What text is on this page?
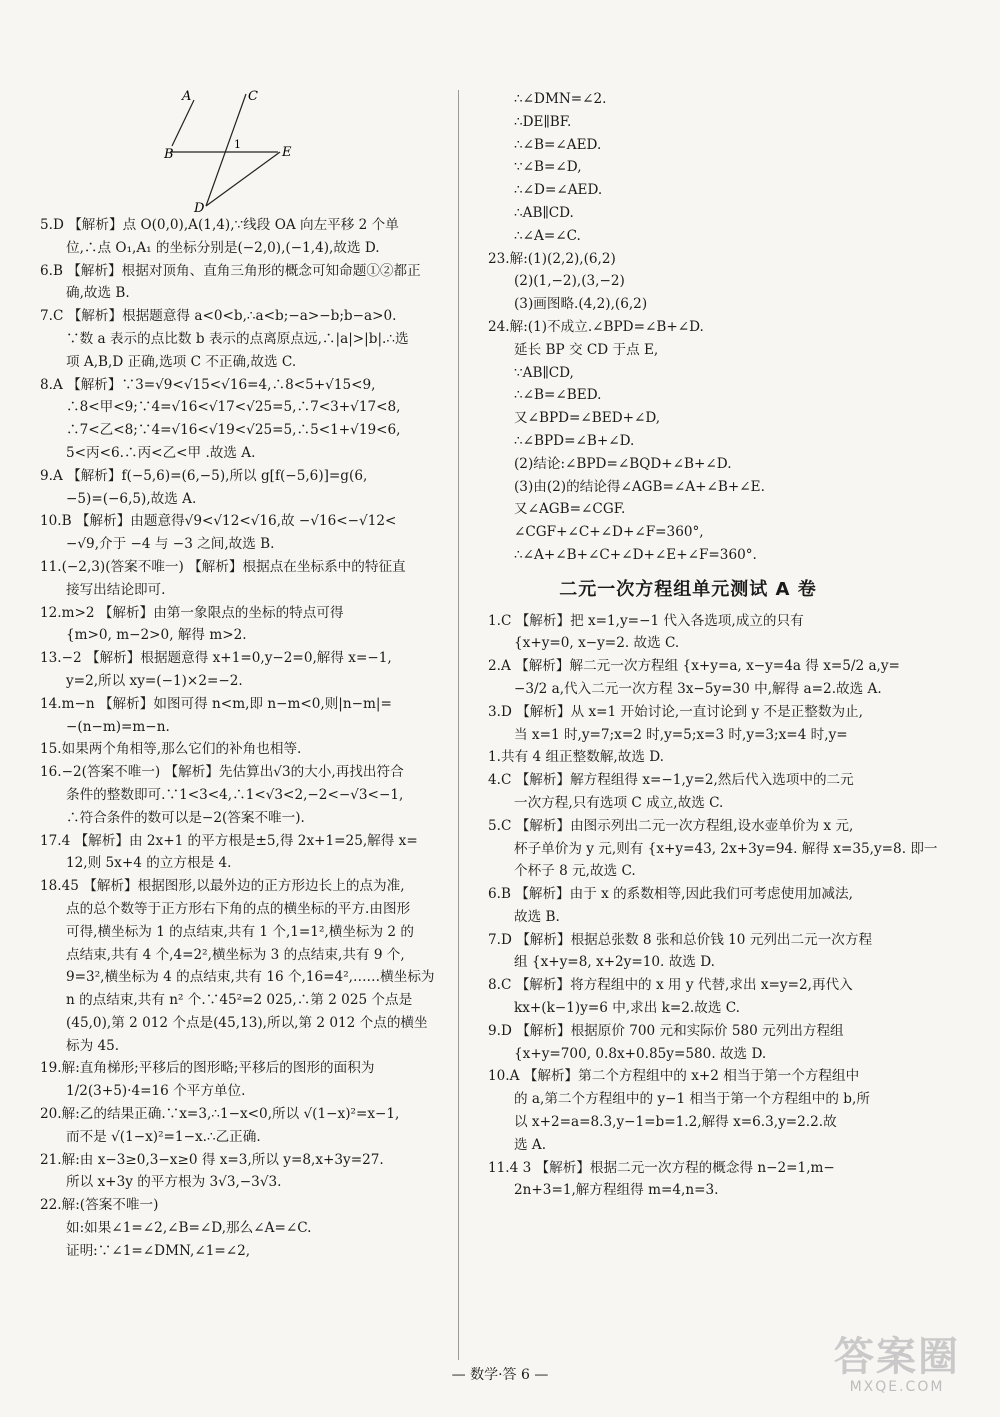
A
B
C
D
E
1
5.D 【解析】点 O(0,0),A(1,4),∵线段 OA 向左平移 2 个单
位,∴点 O₁,A₁ 的坐标分别是(−2,0),(−1,4),故选 D.
6.B 【解析】根据对顶角、直角三角形的概念可知命题①②都正
确,故选 B.
7.C 【解析】根据题意得 a<0<b,∴a<b;−a>−b;b−a>0.
∵数 a 表示的点比数 b 表示的点离原点远,∴|a|>|b|.∴选
项 A,B,D 正确,选项 C 不正确,故选 C.
8.A 【解析】∵3=√9<√15<√16=4,∴8<5+√15<9,
∴8<甲<9;∵4=√16<√17<√25=5,∴7<3+√17<8,
∴7<乙<8;∵4=√16<√19<√25=5,∴5<1+√19<6,
5<丙<6.∴丙<乙<甲 .故选 A.
9.A 【解析】f(−5,6)=(6,−5),所以 g[f(−5,6)]=g(6,
−5)=(−6,5),故选 A.
10.B 【解析】由题意得√9<√12<√16,故 −√16<−√12<
−√9,介于 −4 与 −3 之间,故选 B.
11.(−2,3)(答案不唯一) 【解析】根据点在坐标系中的特征直
接写出结论即可.
12.m>2 【解析】由第一象限点的坐标的特点可得
{m>0, m−2>0, 解得 m>2.
13.−2 【解析】根据题意得 x+1=0,y−2=0,解得 x=−1,
y=2,所以 xy=(−1)×2=−2.
14.m−n 【解析】如图可得 n<m,即 n−m<0,则|n−m|=
−(n−m)=m−n.
15.如果两个角相等,那么它们的补角也相等.
16.−2(答案不唯一) 【解析】先估算出√3的大小,再找出符合
条件的整数即可.∵1<3<4,∴1<√3<2,−2<−√3<−1,
∴符合条件的数可以是−2(答案不唯一).
17.4 【解析】由 2x+1 的平方根是±5,得 2x+1=25,解得 x=
12,则 5x+4 的立方根是 4.
18.45 【解析】根据图形,以最外边的正方形边长上的点为准,
点的总个数等于正方形右下角的点的横坐标的平方.由图形
可得,横坐标为 1 的点结束,共有 1 个,1=1²,横坐标为 2 的
点结束,共有 4 个,4=2²,横坐标为 3 的点结束,共有 9 个,
9=3²,横坐标为 4 的点结束,共有 16 个,16=4²,……横坐标为
n 的点结束,共有 n² 个.∵45²=2 025,∴第 2 025 个点是
(45,0),第 2 012 个点是(45,13),所以,第 2 012 个点的横坐
标为 45.
19.解:直角梯形;平移后的图形略;平移后的图形的面积为
1/2(3+5)·4=16 个平方单位.
20.解:乙的结果正确.∵x=3,∴1−x<0,所以 √(1−x)²=x−1,
而不是 √(1−x)²=1−x.∴乙正确.
21.解:由 x−3≥0,3−x≥0 得 x=3,所以 y=8,x+3y=27.
所以 x+3y 的平方根为 3√3,−3√3.
22.解:(答案不唯一)
如:如果∠1=∠2,∠B=∠D,那么∠A=∠C.
证明:∵∠1=∠DMN,∠1=∠2,
∴∠DMN=∠2.
∴DE∥BF.
∴∠B=∠AED.
∵∠B=∠D,
∴∠D=∠AED.
∴AB∥CD.
∴∠A=∠C.
23.解:(1)(2,2),(6,2)
(2)(1,−2),(3,−2)
(3)画图略.(4,2),(6,2)
24.解:(1)不成立.∠BPD=∠B+∠D.
延长 BP 交 CD 于点 E,
∵AB∥CD,
∴∠B=∠BED.
又∠BPD=∠BED+∠D,
∴∠BPD=∠B+∠D.
(2)结论:∠BPD=∠BQD+∠B+∠D.
(3)由(2)的结论得∠AGB=∠A+∠B+∠E.
又∠AGB=∠CGF.
∠CGF+∠C+∠D+∠F=360°,
∴∠A+∠B+∠C+∠D+∠E+∠F=360°.
二元一次方程组单元测试 A 卷
1.C 【解析】把 x=1,y=−1 代入各选项,成立的只有
{x+y=0, x−y=2. 故选 C.
2.A 【解析】解二元一次方程组 {x+y=a, x−y=4a 得 x=5/2 a,y=
−3/2 a,代入二元一次方程 3x−5y=30 中,解得 a=2.故选 A.
3.D 【解析】从 x=1 开始讨论,一直讨论到 y 不是正整数为止,
当 x=1 时,y=7;x=2 时,y=5;x=3 时,y=3;x=4 时,y=
1.共有 4 组正整数解,故选 D.
4.C 【解析】解方程组得 x=−1,y=2,然后代入选项中的二元
一次方程,只有选项 C 成立,故选 C.
5.C 【解析】由图示列出二元一次方程组,设水壶单价为 x 元,
杯子单价为 y 元,则有 {x+y=43, 2x+3y=94. 解得 x=35,y=8. 即一
个杯子 8 元,故选 C.
6.B 【解析】由于 x 的系数相等,因此我们可考虑使用加减法,
故选 B.
7.D 【解析】根据总张数 8 张和总价钱 10 元列出二元一次方程
组 {x+y=8, x+2y=10. 故选 D.
8.C 【解析】将方程组中的 x 用 y 代替,求出 x=y=2,再代入
kx+(k−1)y=6 中,求出 k=2.故选 C.
9.D 【解析】根据原价 700 元和实际价 580 元列出方程组
{x+y=700, 0.8x+0.85y=580. 故选 D.
10.A 【解析】第二个方程组中的 x+2 相当于第一个方程组中
的 a,第二个方程组中的 y−1 相当于第一个方程组中的 b,所
以 x+2=a=8.3,y−1=b=1.2,解得 x=6.3,y=2.2.故
选 A.
11.4 3 【解析】根据二元一次方程的概念得 n−2=1,m−
2n+3=1,解方程组得 m=4,n=3.
— 数学·答 6 —	答案圈
MXQE.COM
